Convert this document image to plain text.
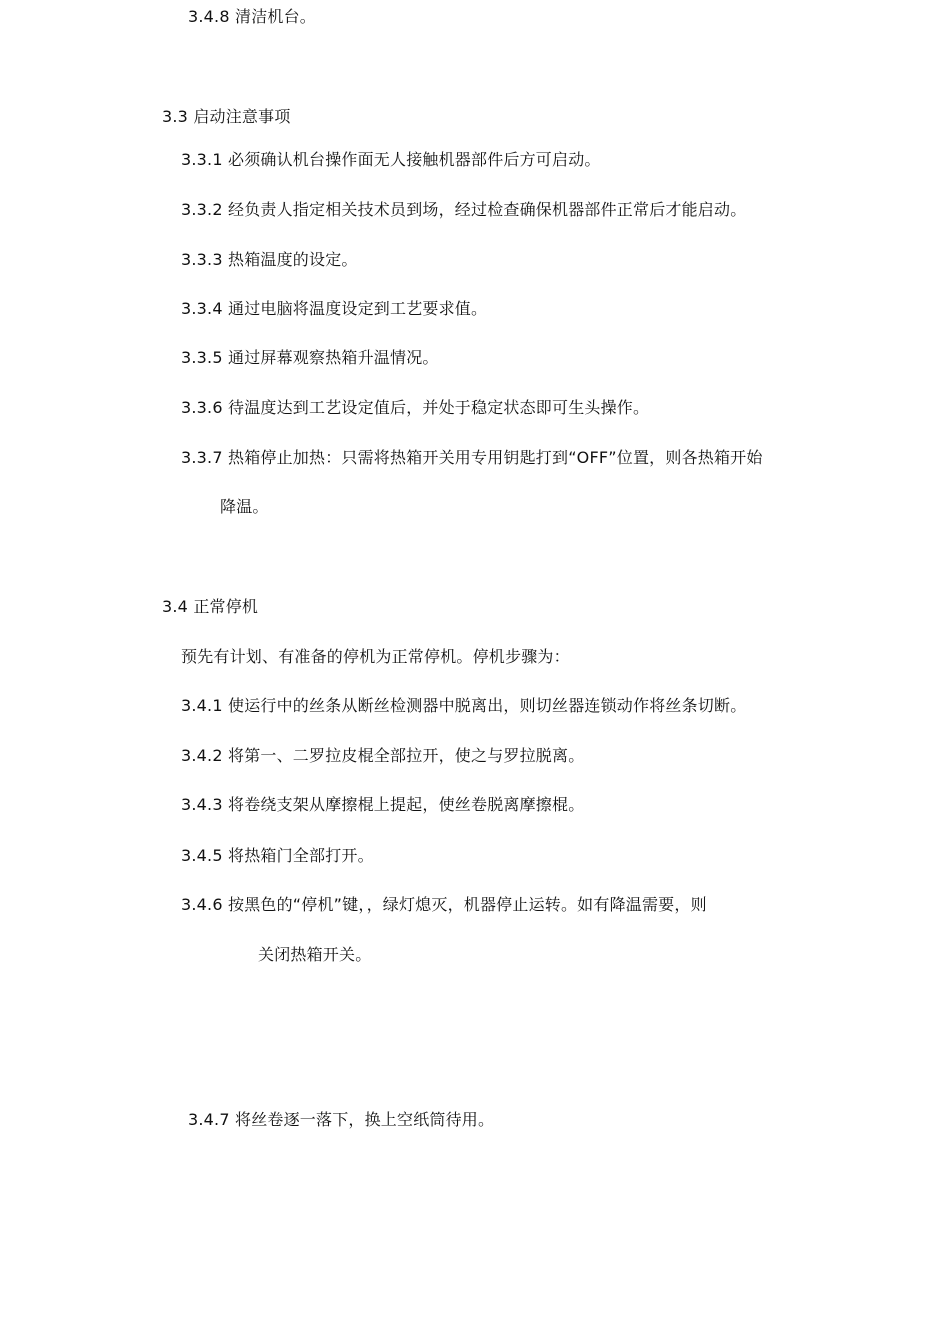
3.4.8 清洁机台。
3.3 启动注意事项
3.3.1 必须确认机台操作面无人接触机器部件后方可启动。
3.3.2 经负责人指定相关技术员到场，经过检查确保机器部件正常后才能启动。
3.3.3 热箱温度的设定。
3.3.4 通过电脑将温度设定到工艺要求值。
3.3.5 通过屏幕观察热箱升温情况。
3.3.6 待温度达到工艺设定值后，并处于稳定状态即可生头操作。
3.3.7 热箱停止加热：只需将热箱开关用专用钥匙打到“OFF”位置，则各热箱开始
降温。
3.4 正常停机
预先有计划、有准备的停机为正常停机。停机步骤为：
3.4.1 使运行中的丝条从断丝检测器中脱离出，则切丝器连锁动作将丝条切断。
3.4.2 将第一、二罗拉皮棍全部拉开，使之与罗拉脱离。
3.4.3 将卷绕支架从摩擦棍上提起，使丝卷脱离摩擦棍。
3.4.5 将热箱门全部打开。
3.4.6 按黑色的“停机”键，，绿灯熄灭，机器停止运转。如有降温需要，则
关闭热箱开关。
3.4.7 将丝卷逐一落下，换上空纸筒待用。
